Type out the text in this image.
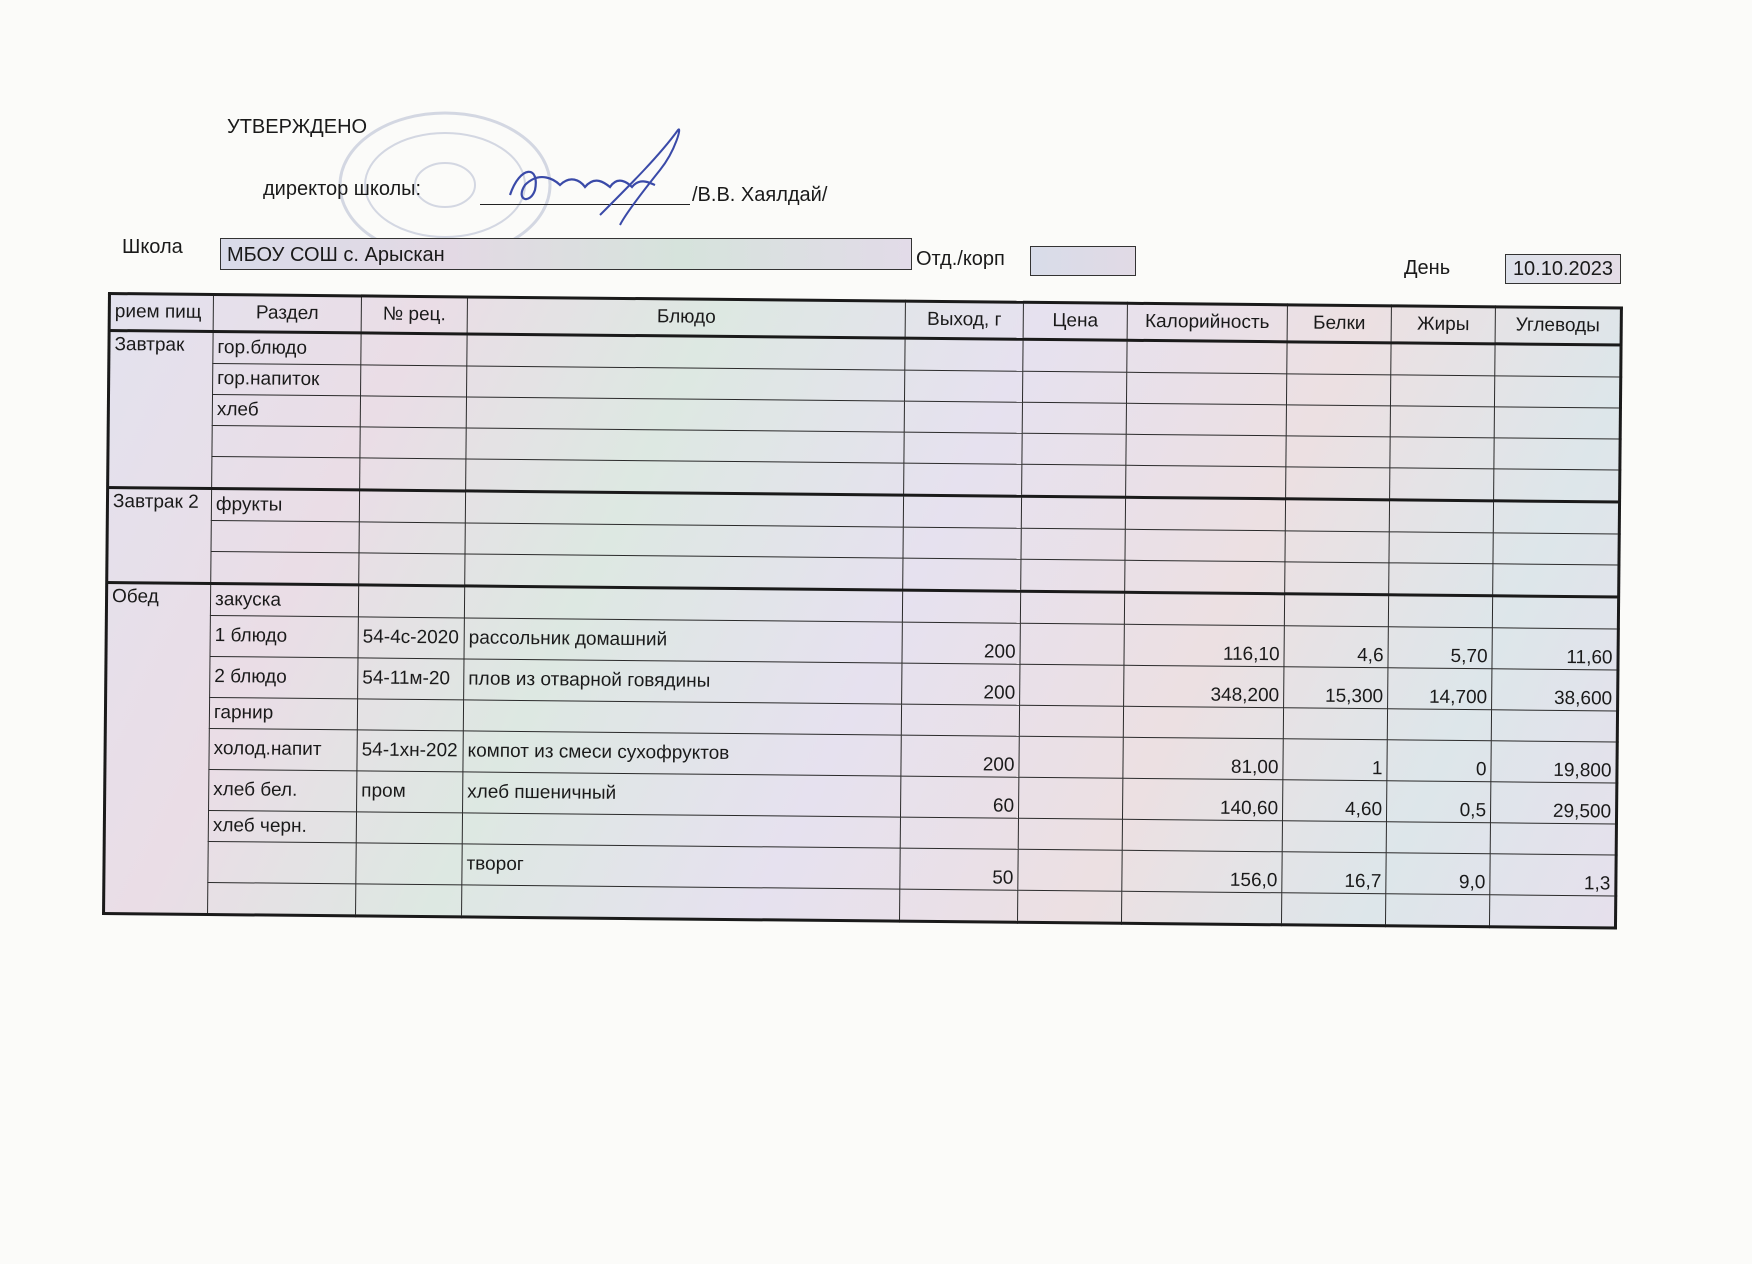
УТВЕРЖДЕНО
директор школы:	/В.В. Хаялдай/
Школа	МБОУ СОШ с. Арыскан	Отд./корп	День	10.10.2023
рием пищ	Раздел	№ рец.	Блюдо	Выход, г	Цена	Калорийность	Белки	Жиры	Углеводы
Завтрак	гор.блюдо								
	гор.напиток								
	хлеб								

Завтрак 2	фрукты								

Обед	закуска								
	1 блюдо	54-4с-2020	рассольник домашний	200		116,10	4,6	5,70	11,60
	2 блюдо	54-11м-20	плов из отварной говядины	200		348,200	15,300	14,700	38,600
	гарнир								
	холод.напит	54-1хн-202	компот из смеси сухофруктов	200		81,00	1	0	19,800
	хлеб бел.	пром	хлеб пшеничный	60		140,60	4,60	0,5	29,500
	хлеб черн.								
			творог	50		156,0	16,7	9,0	1,3
